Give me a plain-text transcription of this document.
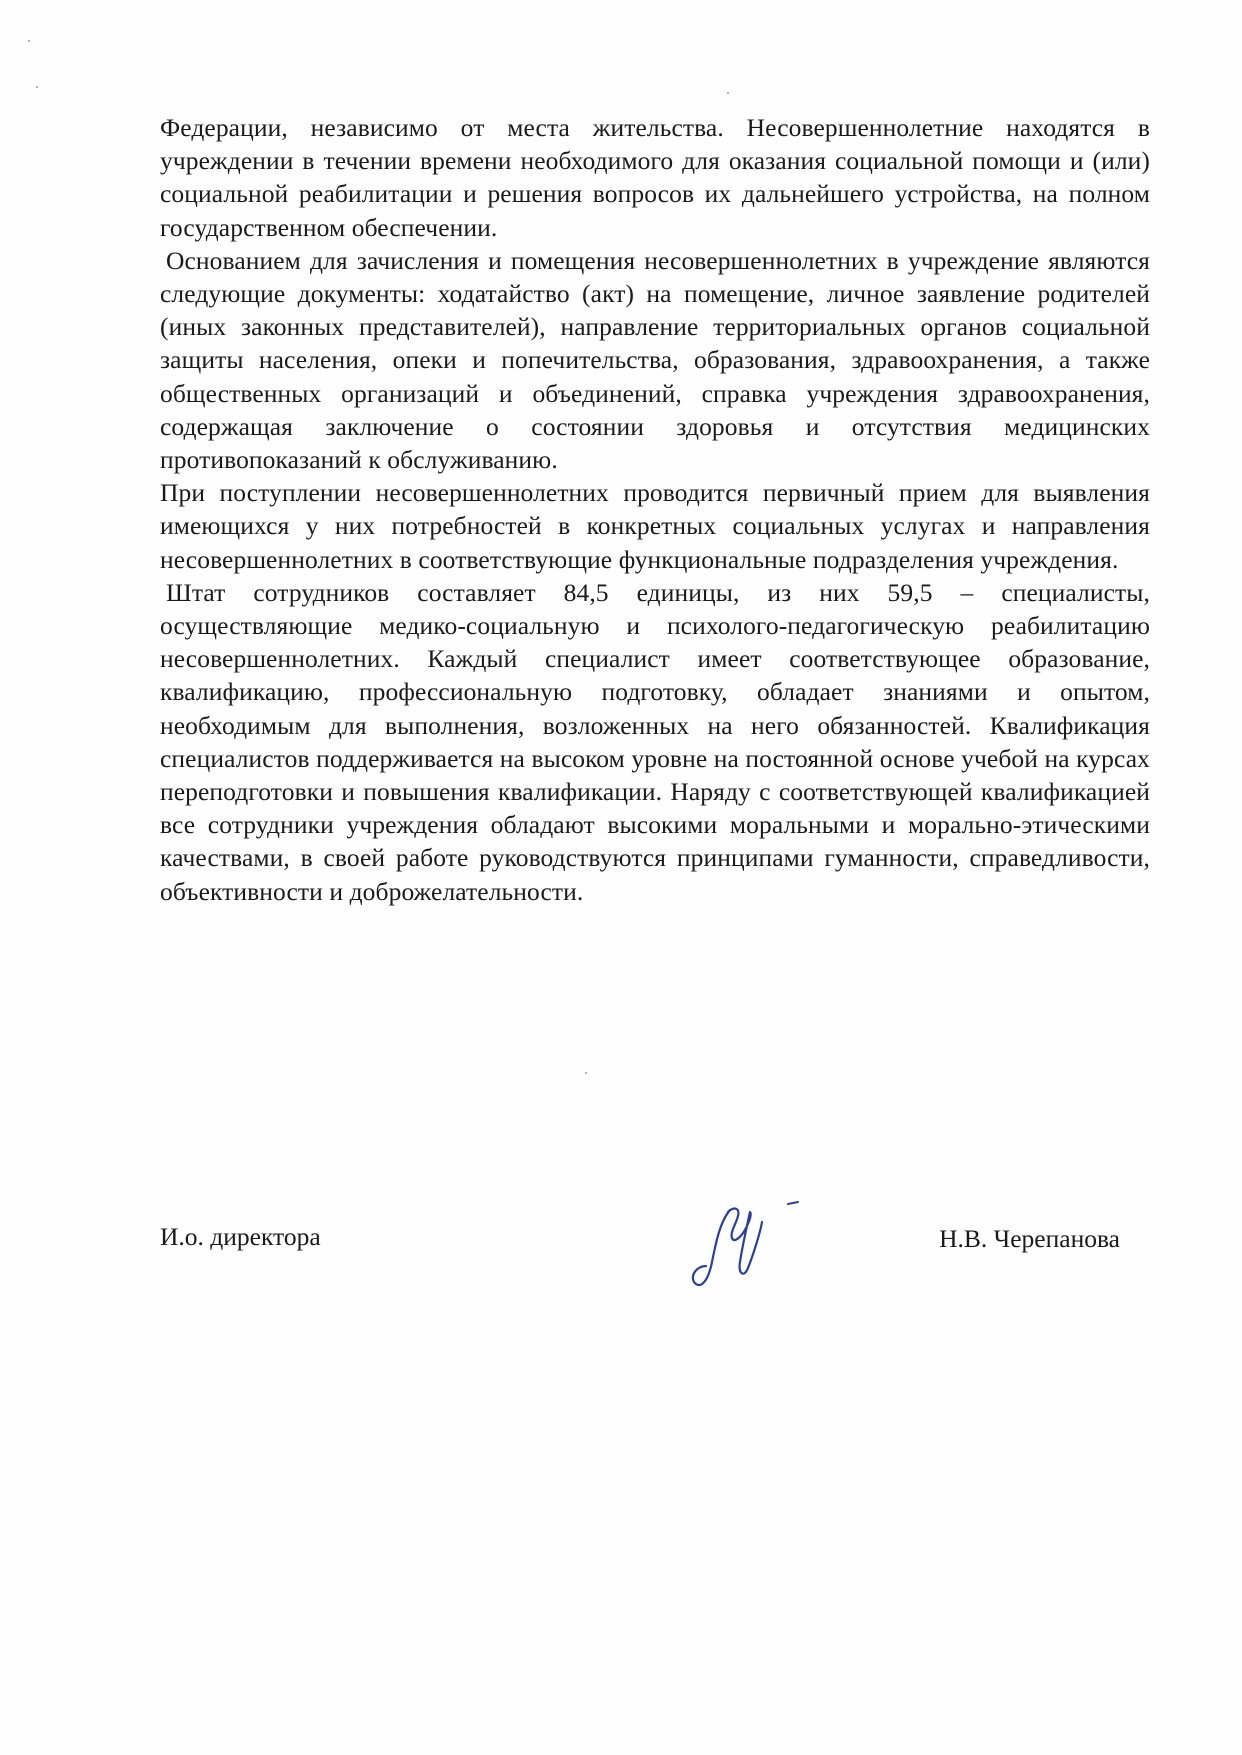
Федерации, независимо от места жительства. Несовершеннолетние находятся в учреждении в течении времени необходимого для оказания социальной помощи и (или) социальной реабилитации и решения вопросов их дальнейшего устройства, на полном государственном обеспечении.

Основанием для зачисления и помещения несовершеннолетних в учреждение являются следующие документы: ходатайство (акт) на помещение, личное заявление родителей (иных законных представителей), направление территориальных органов социальной защиты населения, опеки и попечительства, образования, здравоохранения, а также общественных организаций и объединений, справка учреждения здравоохранения, содержащая заключение о состоянии здоровья и отсутствия медицинских противопоказаний к обслуживанию.

При поступлении несовершеннолетних проводится первичный прием для выявления имеющихся у них потребностей в конкретных социальных услугах и направления несовершеннолетних в соответствующие функциональные подразделения учреждения.

Штат сотрудников составляет 84,5 единицы, из них 59,5 – специалисты, осуществляющие медико-социальную и психолого-педагогическую реабилитацию несовершеннолетних. Каждый специалист имеет соответствующее образование, квалификацию, профессиональную подготовку, обладает знаниями и опытом, необходимым для выполнения, возложенных на него обязанностей. Квалификация специалистов поддерживается на высоком уровне на постоянной основе учебой на курсах переподготовки и повышения квалификации. Наряду с соответствующей квалификацией все сотрудники учреждения обладают высокими моральными и морально-этическими качествами, в своей работе руководствуются принципами гуманности, справедливости, объективности и доброжелательности.

И.о. директора	Н.В. Черепанова
